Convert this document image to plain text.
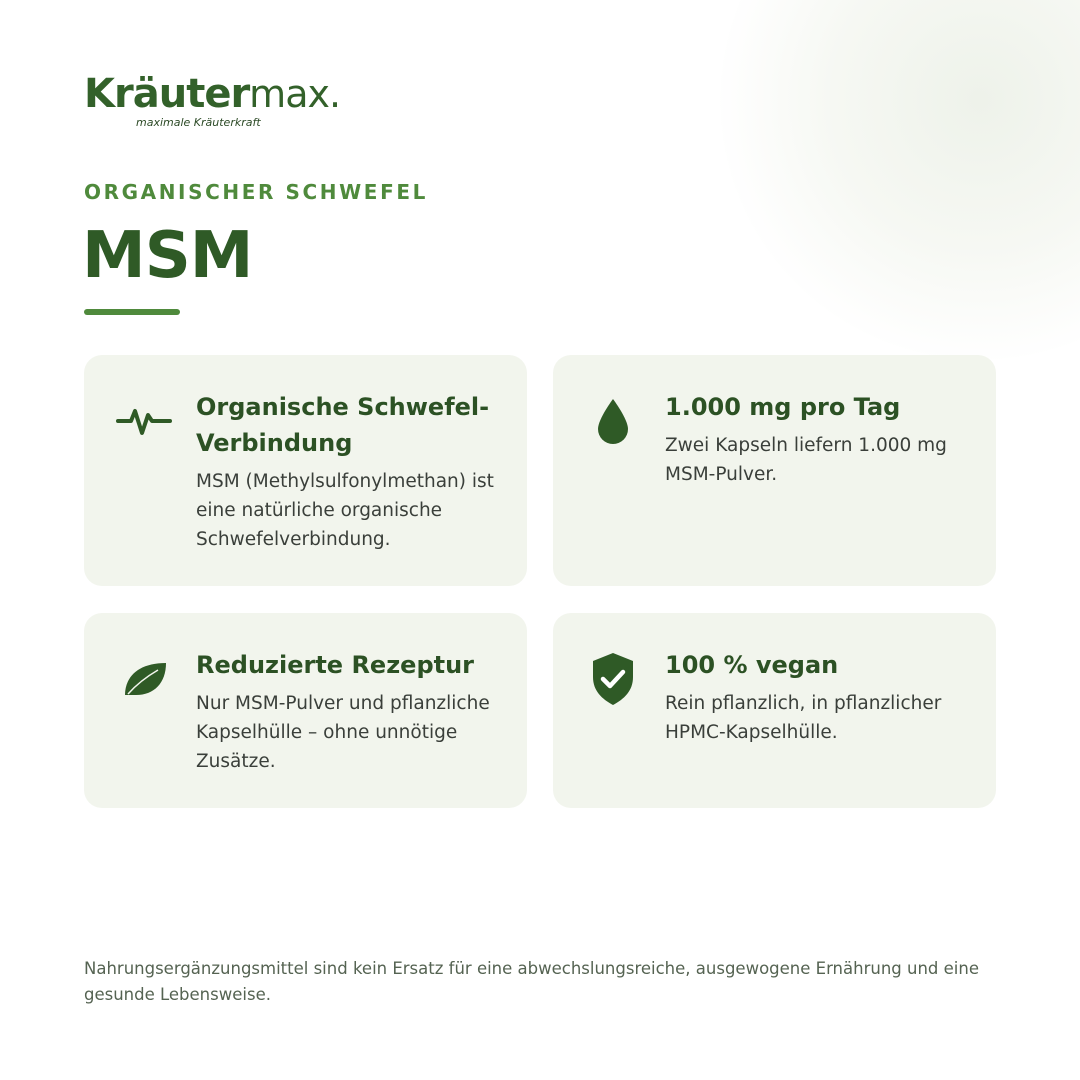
Kräutermax.
maximale Kräuterkraft
ORGANISCHER SCHWEFEL
MSM

Organische Schwefel-Verbindung

MSM (Methylsulfonylmethan) ist eine natürliche organische Schwefelverbindung.

1.000 mg pro Tag

Zwei Kapseln liefern 1.000 mg MSM-Pulver.

Reduzierte Rezeptur

Nur MSM-Pulver und pflanzliche Kapselhülle – ohne unnötige Zusätze.

100 % vegan

Rein pflanzlich, in pflanzlicher HPMC-Kapselhülle.

Nahrungsergänzungsmittel sind kein Ersatz für eine abwechslungsreiche, ausgewogene Ernährung und eine gesunde Lebensweise.
